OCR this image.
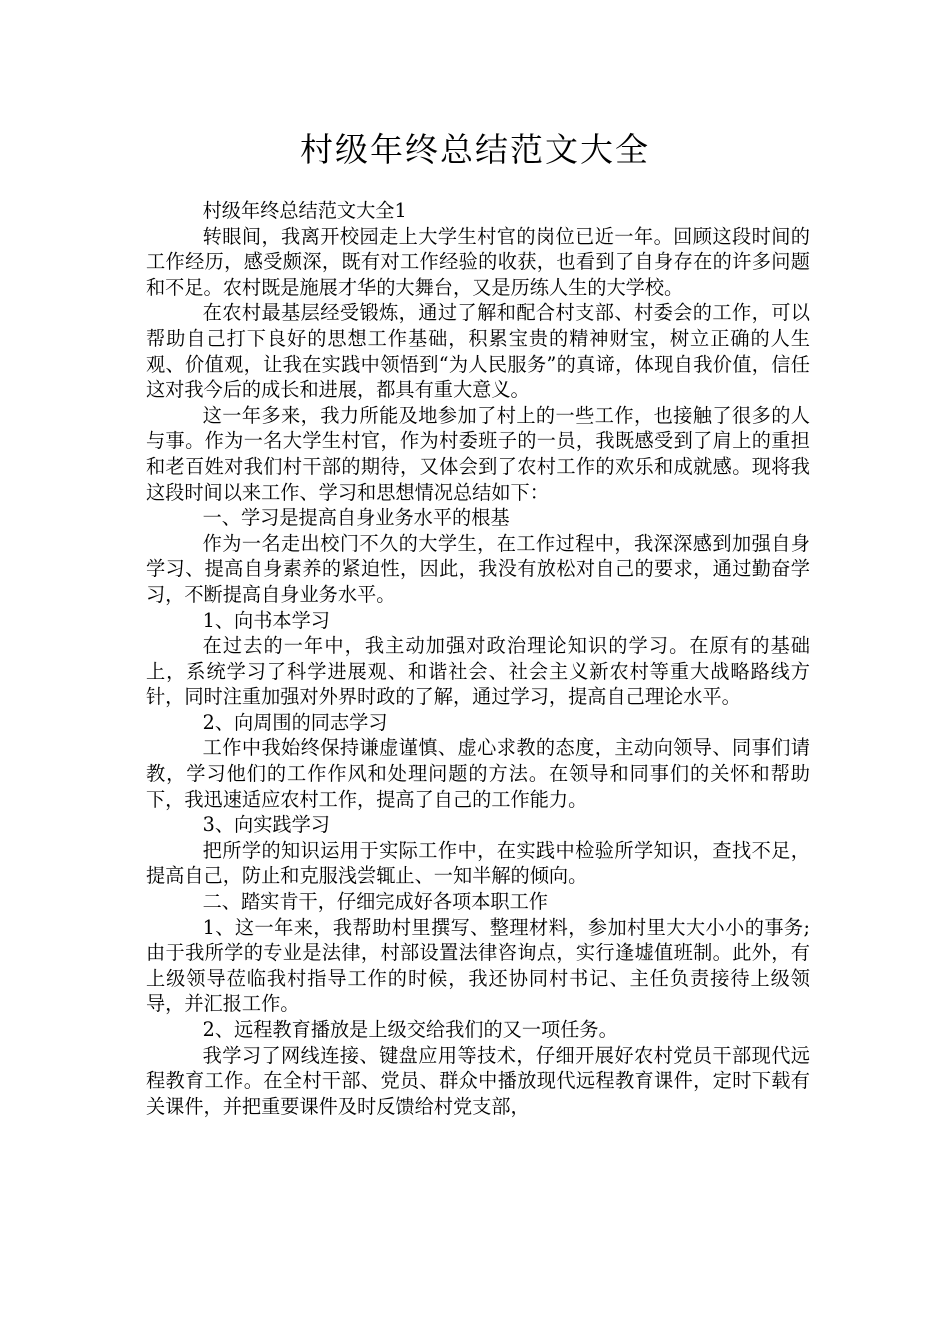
村级年终总结范文大全

村级年终总结范文大全1

转眼间，我离开校园走上大学生村官的岗位已近一年。回顾这段时间的工作经历，感受颇深，既有对工作经验的收获，也看到了自身存在的许多问题和不足。农村既是施展才华的大舞台，又是历练人生的大学校。

在农村最基层经受锻炼，通过了解和配合村支部、村委会的工作，可以帮助自己打下良好的思想工作基础，积累宝贵的精神财宝，树立正确的人生观、价值观，让我在实践中领悟到“为人民服务”的真谛，体现自我价值，信任这对我今后的成长和进展，都具有重大意义。

这一年多来，我力所能及地参加了村上的一些工作，也接触了很多的人与事。作为一名大学生村官，作为村委班子的一员，我既感受到了肩上的重担和老百姓对我们村干部的期待，又体会到了农村工作的欢乐和成就感。现将我这段时间以来工作、学习和思想情况总结如下：

一、学习是提高自身业务水平的根基

作为一名走出校门不久的大学生，在工作过程中，我深深感到加强自身学习、提高自身素养的紧迫性，因此，我没有放松对自己的要求，通过勤奋学习，不断提高自身业务水平。

1、向书本学习

在过去的一年中，我主动加强对政治理论知识的学习。在原有的基础上，系统学习了科学进展观、和谐社会、社会主义新农村等重大战略路线方针，同时注重加强对外界时政的了解，通过学习，提高自己理论水平。

2、向周围的同志学习

工作中我始终保持谦虚谨慎、虚心求教的态度，主动向领导、同事们请教，学习他们的工作作风和处理问题的方法。在领导和同事们的关怀和帮助下，我迅速适应农村工作，提高了自己的工作能力。

3、向实践学习

把所学的知识运用于实际工作中，在实践中检验所学知识，查找不足，提高自己，防止和克服浅尝辄止、一知半解的倾向。

二、踏实肯干，仔细完成好各项本职工作

1、这一年来，我帮助村里撰写、整理材料，参加村里大大小小的事务;由于我所学的专业是法律，村部设置法律咨询点，实行逢墟值班制。此外，有上级领导莅临我村指导工作的时候，我还协同村书记、主任负责接待上级领导，并汇报工作。

2、远程教育播放是上级交给我们的又一项任务。

我学习了网线连接、键盘应用等技术，仔细开展好农村党员干部现代远程教育工作。在全村干部、党员、群众中播放现代远程教育课件，定时下载有关课件，并把重要课件及时反馈给村党支部，
